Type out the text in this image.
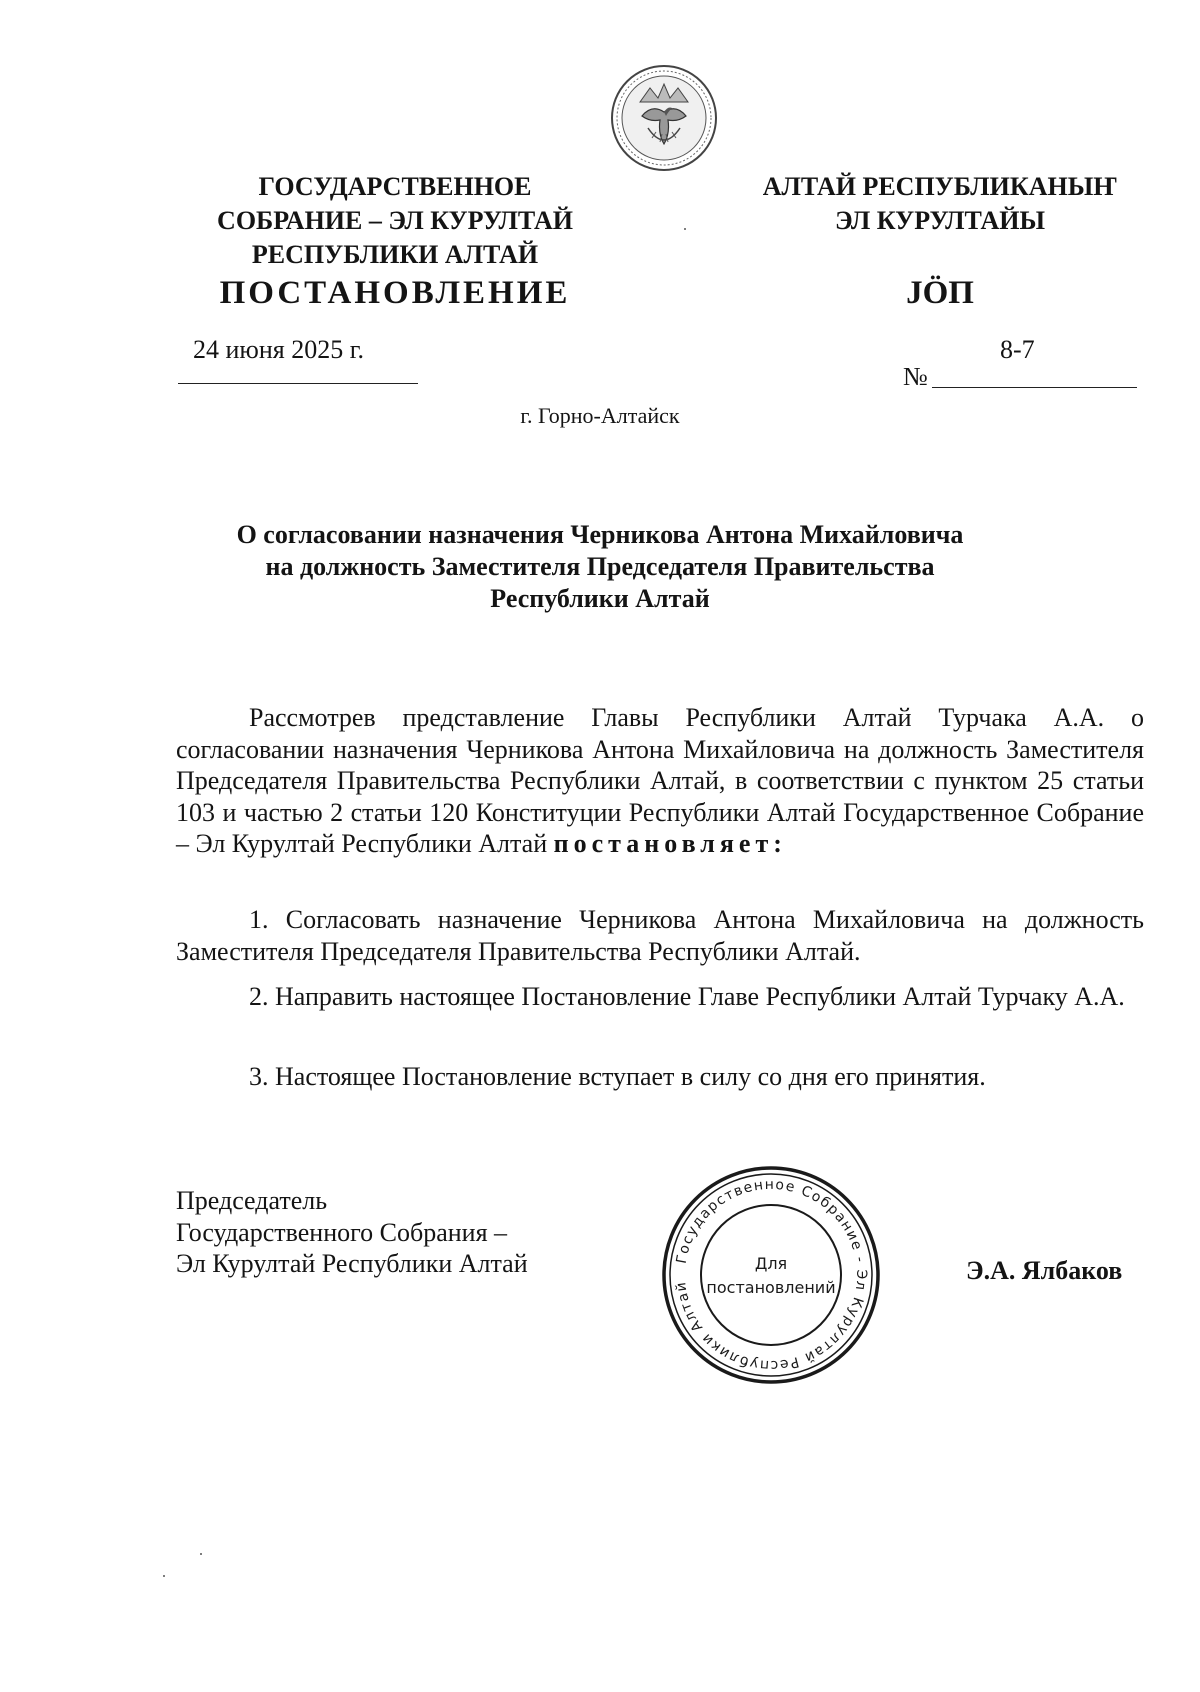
ГОСУДАРСТВЕННОЕ
СОБРАНИЕ – ЭЛ КУРУЛТАЙ
РЕСПУБЛИКИ АЛТАЙ
АЛТАЙ РЕСПУБЛИКАНЫҤ
ЭЛ КУРУЛТАЙЫ
ПОСТАНОВЛЕНИЕ	JӦП
24 июня 2025 г.	8-7
№
г. Горно-Алтайск
О согласовании назначения Черникова Антона Михайловича
на должность Заместителя Председателя Правительства
Республики Алтай
Рассмотрев представление Главы Республики Алтай Турчака А.А. о согласовании назначения Черникова Антона Михайловича на должность Заместителя Председателя Правительства Республики Алтай, в соответствии с пунктом 25 статьи 103 и частью 2 статьи 120 Конституции Республики Алтай Государственное Собрание – Эл Курултай Республики Алтай постановляет:
1. Согласовать назначение Черникова Антона Михайловича на должность Заместителя Председателя Правительства Республики Алтай.
2. Направить настоящее Постановление Главе Республики Алтай Турчаку А.А.
3. Настоящее Постановление вступает в силу со дня его принятия.
Председатель
Государственного Собрания –
Эл Курултай Республики Алтай	Э.А. Ялбаков
Государственное Собрание - Эл Курултай Республики Алтай
Для
постановлений
